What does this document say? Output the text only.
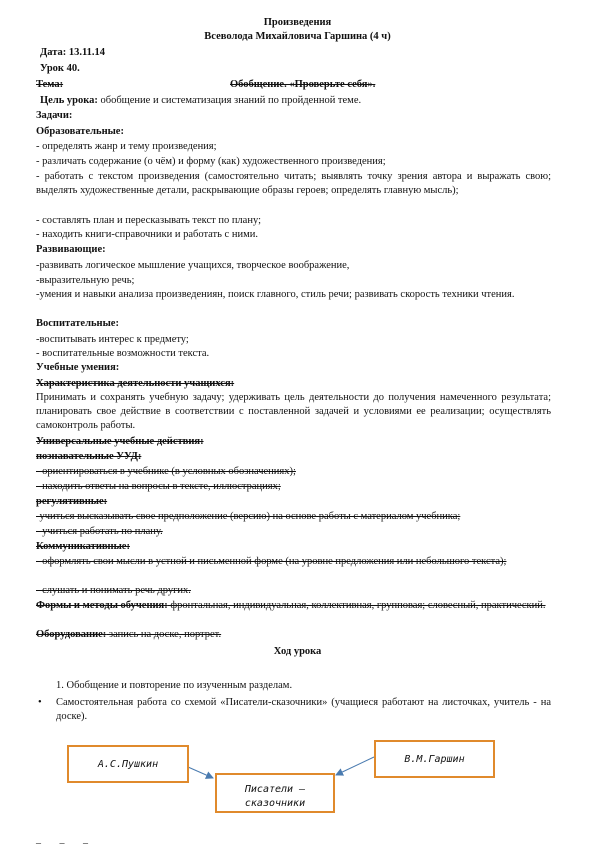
Произведения
Всеволода Михайловича Гаршина (4 ч)
Дата: 13.11.14
Урок 40.
Тема:	Обобщение. «Проверьте себя».
Цель урока: обобщение и систематизация знаний по пройденной теме.
Задачи:
Образовательные:
- определять жанр и тему произведения;
- различать содержание (о чём) и форму (как) художественного произведения;
- работать с текстом произведения (самостоятельно читать; выявлять точку зрения автора и выражать свою; выделять художественные детали, раскрывающие образы героев; определять главную мысль);
- составлять план и пересказывать текст по плану;
- находить книги-справочники и работать с ними.
Развивающие:
-развивать логическое мышление учащихся, творческое воображение,
-выразительную речь;
-умения и навыки анализа произведениян, поиск главного, стиль речи; развивать скорость техники чтения.
Воспитательные:
-воспитывать интерес к предмету;
- воспитательные возможности текста.
Учебные умения:
Характеристика деятельности учащихся:
Принимать и сохранять учебную задачу; удерживать цель деятельности до получения намеченного результата; планировать свое действие в соответствии с поставленной задачей и условиями ее реализации; осуществлять самоконтроль работы.
Универсальные учебные действия:
познавательные УУД:
- ориентироваться в учебнике (в условных обозначениях);
- находить ответы на вопросы в тексте, иллюстрациях;
регулятивные:
-учиться высказывать свое предположение (версию) на основе работы с материалом учебника;
- учиться работать по плану.
Коммуникативные:
- оформлять свои мысли в устной и письменной форме (на уровне предложения или небольшого текста);
- слушать и понимать речь других.
Формы и методы обучения: фронтальная, индивидуальная, коллективная, групповая; словесный, практический.
Оборудование: запись на доске, портрет.
Ход урока
1. Обобщение и повторение по изученным разделам.
• Самостоятельная работа со схемой «Писатели-сказочники» (учащиеся работают на листочках, учитель - на доске).
А.С.Пушкин	В.М.Гаршин
Писатели – сказочники
_ _ _
